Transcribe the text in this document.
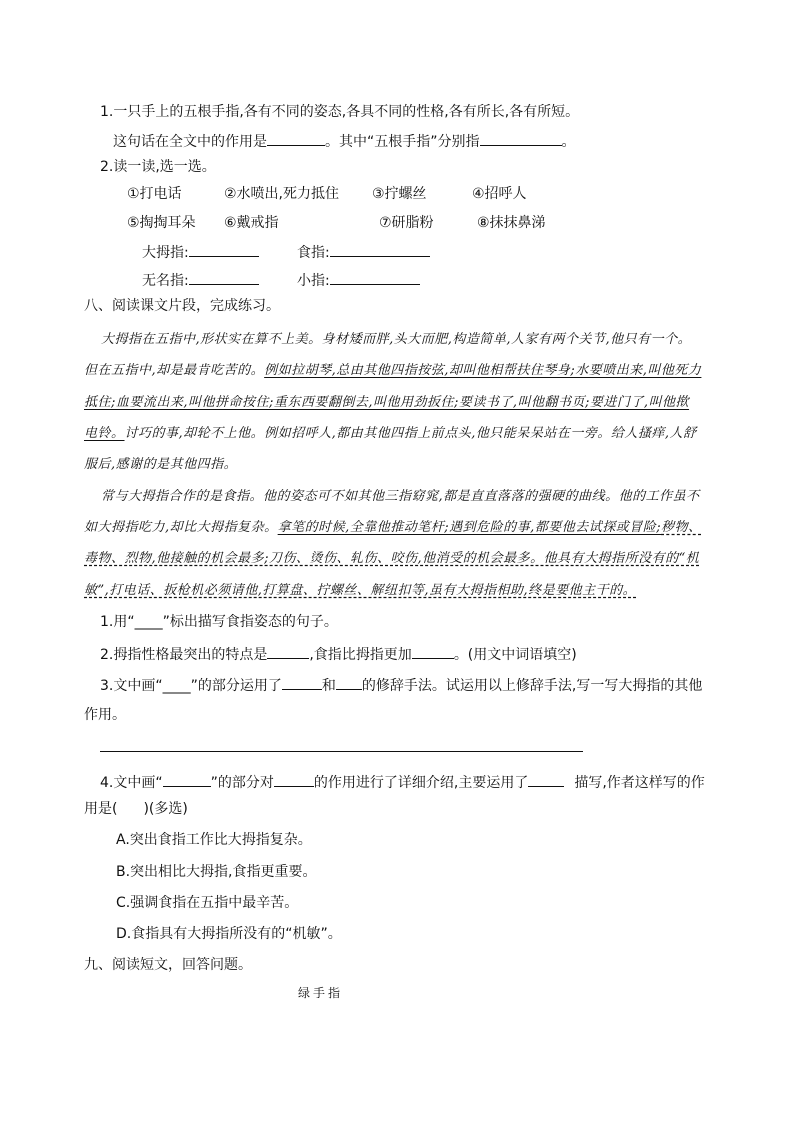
1.一只手上的五根手指,各有不同的姿态,各具不同的性格,各有所长,各有所短。
这句话在全文中的作用是	。其中“五根手指”分别指	。
2.读一读,选一选。
①打电话	②水喷出,死力抵住 ③拧螺丝	④招呼人
⑤掏掏耳朵 ⑥戴戒指	⑦研脂粉	⑧抹抹鼻涕
大拇指:	食指:
无名指:	小指:
八、阅读课文片段，完成练习。
大拇指在五指中,形状实在算不上美。身材矮而胖,头大而肥,构造简单,人家有两个关节,他只有一个。
但在五指中,却是最肯吃苦的。例如拉胡琴,总由其他四指按弦,却叫他相帮扶住琴身;水要喷出来,叫他死力
抵住;血要流出来,叫他拼命按住;重东西要翻倒去,叫他用劲扳住;要读书了,叫他翻书页;要进门了,叫他揿
电铃。讨巧的事,却轮不上他。例如招呼人,都由其他四指上前点头,他只能呆呆站在一旁。给人搔痒,人舒
服后,感谢的是其他四指。
常与大拇指合作的是食指。他的姿态可不如其他三指窈窕,都是直直落落的强硬的曲线。他的工作虽不
如大拇指吃力,却比大拇指复杂。拿笔的时候,全靠他推动笔杆;遇到危险的事,都要他去试探或冒险;秽物、
毒物、烈物,他接触的机会最多;刀伤、烫伤、轧伤、咬伤,他消受的机会最多。他具有大拇指所没有的“机
敏”,打电话、扳枪机必须请他,打算盘、拧螺丝、解纽扣等,虽有大拇指相助,终是要他主干的。
1.用“____”标出描写食指姿态的句子。
2.拇指性格最突出的特点是	,食指比拇指更加	。(用文中词语填空)
3.文中画“____”的部分运用了	和 的修辞手法。试运用以上修辞手法,写一写大拇指的其他
作用。
4.文中画“	”的部分对	的作用进行了详细介绍,主要运用了	描写,作者这样写的作
用是( )(多选)
A.突出食指工作比大拇指复杂。
B.突出相比大拇指,食指更重要。
C.强调食指在五指中最辛苦。
D.食指具有大拇指所没有的“机敏”。
九、阅读短文，回答问题。
绿手指
